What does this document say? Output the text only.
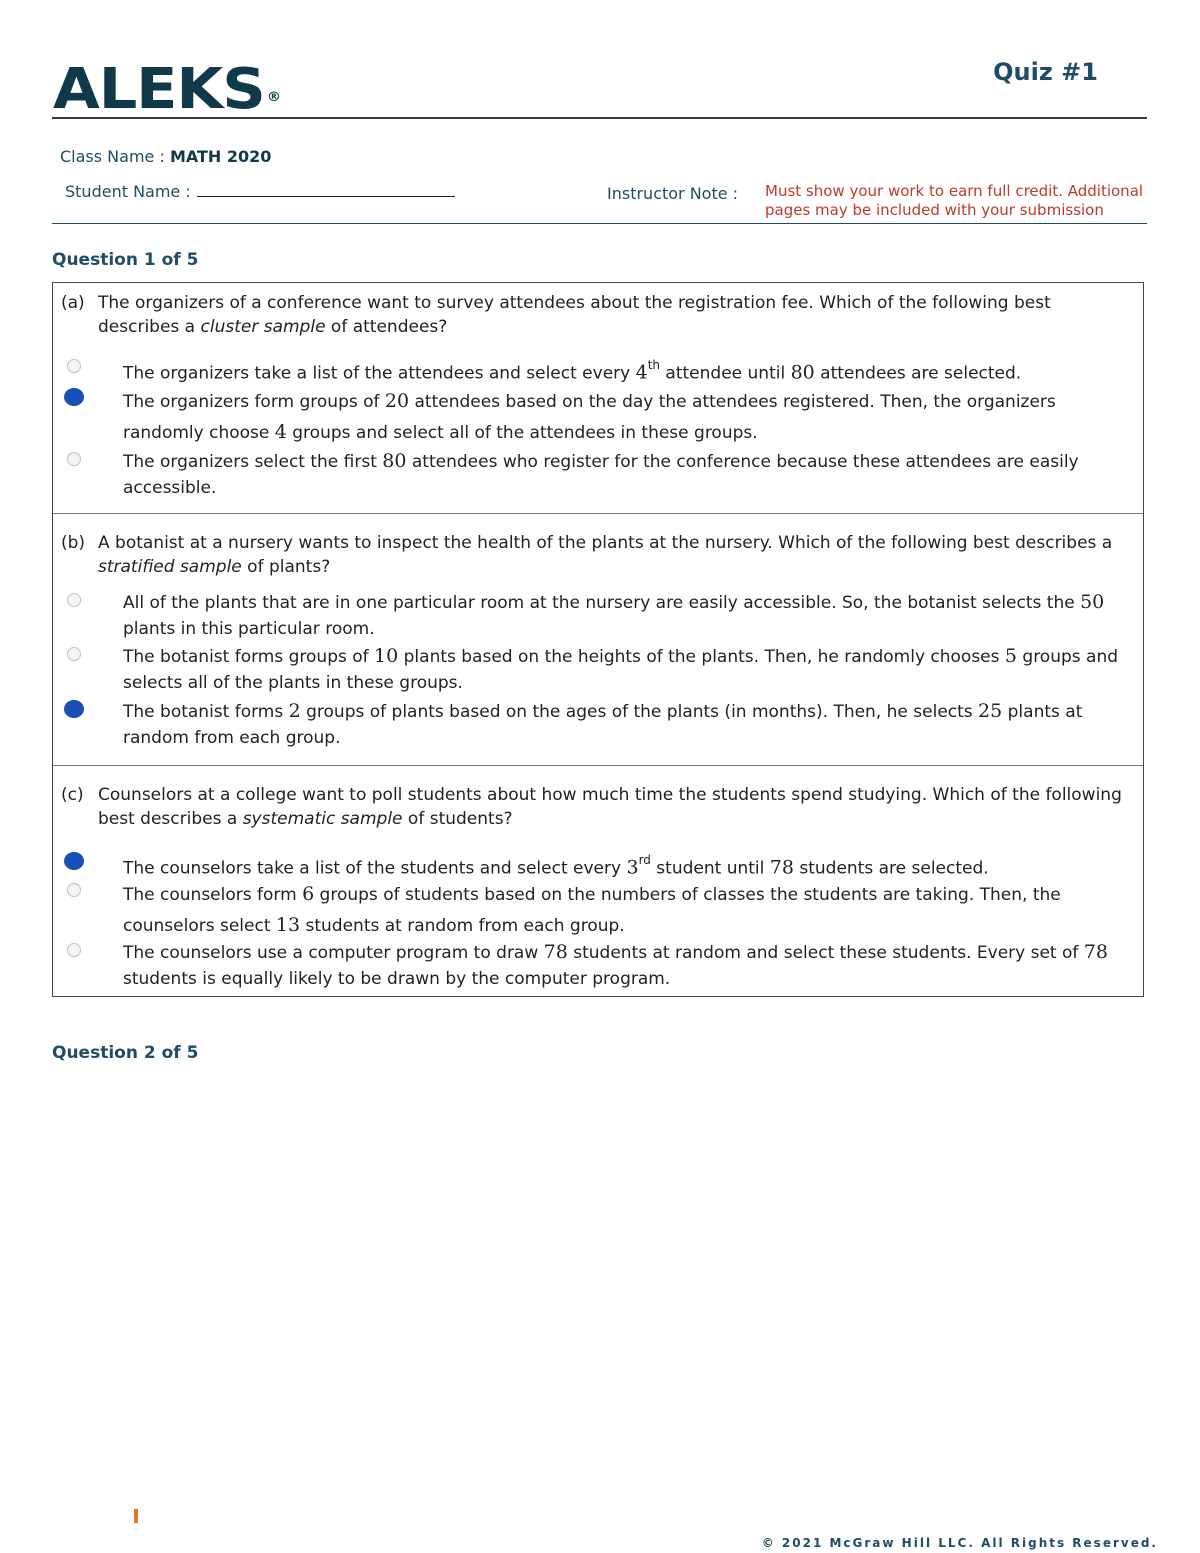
ALEKS ®
Quiz #1
Class Name : MATH 2020
Student Name :	Instructor Note : Must show your work to earn full credit. Additional pages may be included with your submission
Question 1 of 5
(a) The organizers of a conference want to survey attendees about the registration fee. Which of the following best describes a cluster sample of attendees?
The organizers take a list of the attendees and select every 4th attendee until 80 attendees are selected.
The organizers form groups of 20 attendees based on the day the attendees registered. Then, the organizers randomly choose 4 groups and select all of the attendees in these groups.
The organizers select the first 80 attendees who register for the conference because these attendees are easily accessible.
(b) A botanist at a nursery wants to inspect the health of the plants at the nursery. Which of the following best describes a stratified sample of plants?
All of the plants that are in one particular room at the nursery are easily accessible. So, the botanist selects the 50 plants in this particular room.
The botanist forms groups of 10 plants based on the heights of the plants. Then, he randomly chooses 5 groups and selects all of the plants in these groups.
The botanist forms 2 groups of plants based on the ages of the plants (in months). Then, he selects 25 plants at random from each group.
(c) Counselors at a college want to poll students about how much time the students spend studying. Which of the following best describes a systematic sample of students?
The counselors take a list of the students and select every 3rd student until 78 students are selected.
The counselors form 6 groups of students based on the numbers of classes the students are taking. Then, the counselors select 13 students at random from each group.
The counselors use a computer program to draw 78 students at random and select these students. Every set of 78 students is equally likely to be drawn by the computer program.
Question 2 of 5
© 2021 McGraw Hill LLC. All Rights Reserved.
